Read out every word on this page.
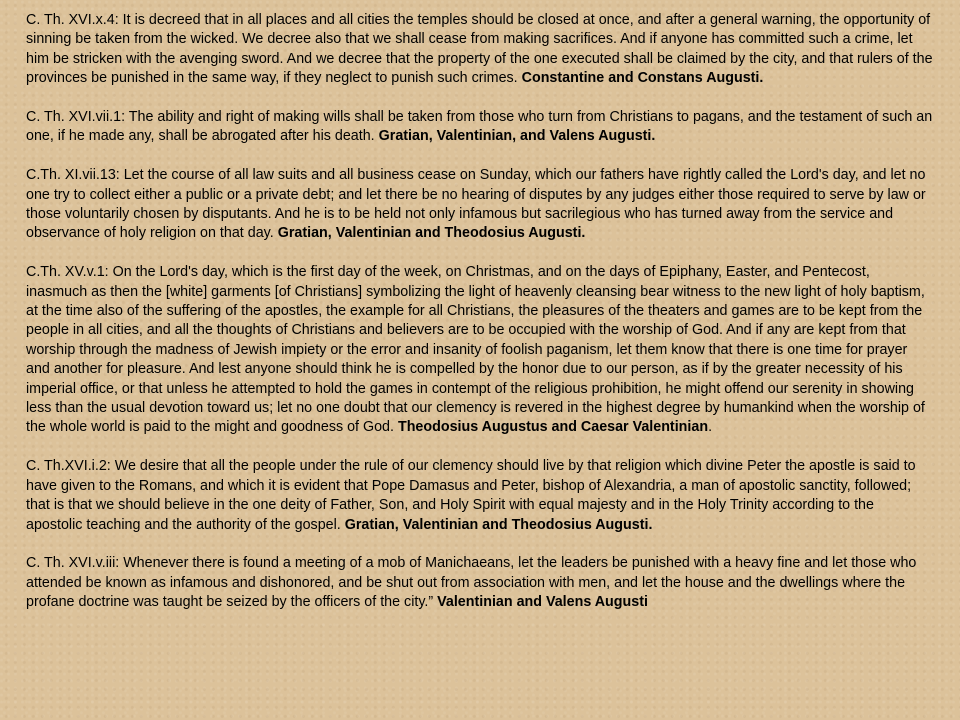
C. Th. XVI.x.4: It is decreed that in all places and all cities the temples should be closed at once, and after a general warning, the opportunity of sinning be taken from the wicked. We decree also that we shall cease from making sacrifices. And if anyone has committed such a crime, let him be stricken with the avenging sword. And we decree that the property of the one executed shall be claimed by the city, and that rulers of the provinces be punished in the same way, if they neglect to punish such crimes. Constantine and Constans Augusti.

C. Th. XVI.vii.1: The ability and right of making wills shall be taken from those who turn from Christians to pagans, and the testament of such an one, if he made any, shall be abrogated after his death. Gratian, Valentinian, and Valens Augusti.

C.Th. XI.vii.13: Let the course of all law suits and all business cease on Sunday, which our fathers have rightly called the Lord's day, and let no one try to collect either a public or a private debt; and let there be no hearing of disputes by any judges either those required to serve by law or those voluntarily chosen by disputants. And he is to be held not only infamous but sacrilegious who has turned away from the service and observance of holy religion on that day. Gratian, Valentinian and Theodosius Augusti.

C.Th. XV.v.1: On the Lord's day, which is the first day of the week, on Christmas, and on the days of Epiphany, Easter, and Pentecost, inasmuch as then the [white] garments [of Christians] symbolizing the light of heavenly cleansing bear witness to the new light of holy baptism, at the time also of the suffering of the apostles, the example for all Christians, the pleasures of the theaters and games are to be kept from the people in all cities, and all the thoughts of Christians and believers are to be occupied with the worship of God. And if any are kept from that worship through the madness of Jewish impiety or the error and insanity of foolish paganism, let them know that there is one time for prayer and another for pleasure. And lest anyone should think he is compelled by the honor due to our person, as if by the greater necessity of his imperial office, or that unless he attempted to hold the games in contempt of the religious prohibition, he might offend our serenity in showing less than the usual devotion toward us; let no one doubt that our clemency is revered in the highest degree by humankind when the worship of the whole world is paid to the might and goodness of God. Theodosius Augustus and Caesar Valentinian.

C. Th.XVI.i.2: We desire that all the people under the rule of our clemency should live by that religion which divine Peter the apostle is said to have given to the Romans, and which it is evident that Pope Damasus and Peter, bishop of Alexandria, a man of apostolic sanctity, followed; that is that we should believe in the one deity of Father, Son, and Holy Spirit with equal majesty and in the Holy Trinity according to the apostolic teaching and the authority of the gospel. Gratian, Valentinian and Theodosius Augusti.

C. Th. XVI.v.iii: Whenever there is found a meeting of a mob of Manichaeans, let the leaders be punished with a heavy fine and let those who attended be known as infamous and dishonored, and be shut out from association with men, and let the house and the dwellings where the profane doctrine was taught be seized by the officers of the city.” Valentinian and Valens Augusti
